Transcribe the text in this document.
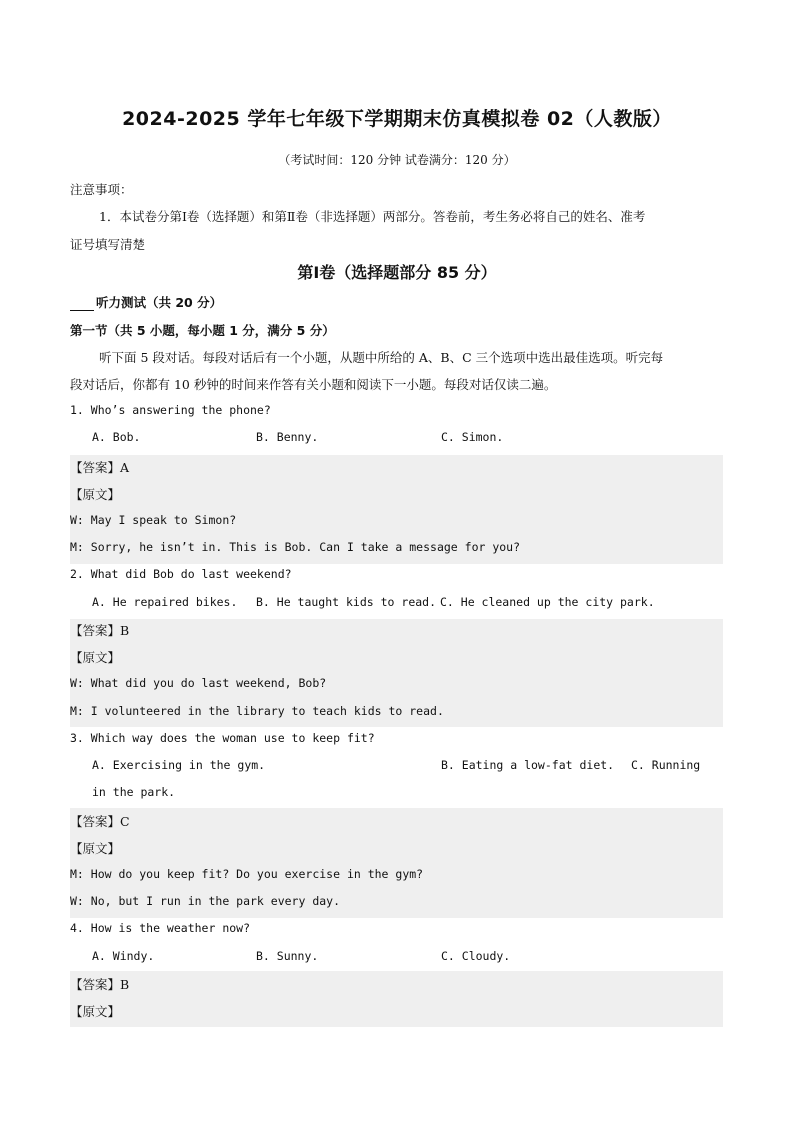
2024-2025 学年七年级下学期期末仿真模拟卷 02（人教版）
（考试时间：120 分钟 试卷满分：120 分）
注意事项：
1．本试卷分第Ⅰ卷（选择题）和第Ⅱ卷（非选择题）两部分。答卷前，考生务必将自己的姓名、准考
证号填写清楚
第Ⅰ卷（选择题部分 85 分）
听力测试（共 20 分）
第一节（共 5 小题，每小题 1 分，满分 5 分）
听下面 5 段对话。每段对话后有一个小题，从题中所给的 A、B、C 三个选项中选出最佳选项。听完每
段对话后，你都有 10 秒钟的时间来作答有关小题和阅读下一小题。每段对话仅读二遍。
1. Who’s answering the phone?
A. Bob.	B. Benny.	C. Simon.
【答案】A
【原文】
W: May I speak to Simon?
M: Sorry, he isn’t in. This is Bob. Can I take a message for you?
2. What did Bob do last weekend?
A. He repaired bikes. B. He taught kids to read. C. He cleaned up the city park.
【答案】B
【原文】
W: What did you do last weekend, Bob?
M: I volunteered in the library to teach kids to read.
3. Which way does the woman use to keep fit?
A. Exercising in the gym.	B. Eating a low-fat diet. C. Running
in the park.
【答案】C
【原文】
M: How do you keep fit? Do you exercise in the gym?
W: No, but I run in the park every day.
4. How is the weather now?
A. Windy.	B. Sunny.	C. Cloudy.
【答案】B
【原文】
